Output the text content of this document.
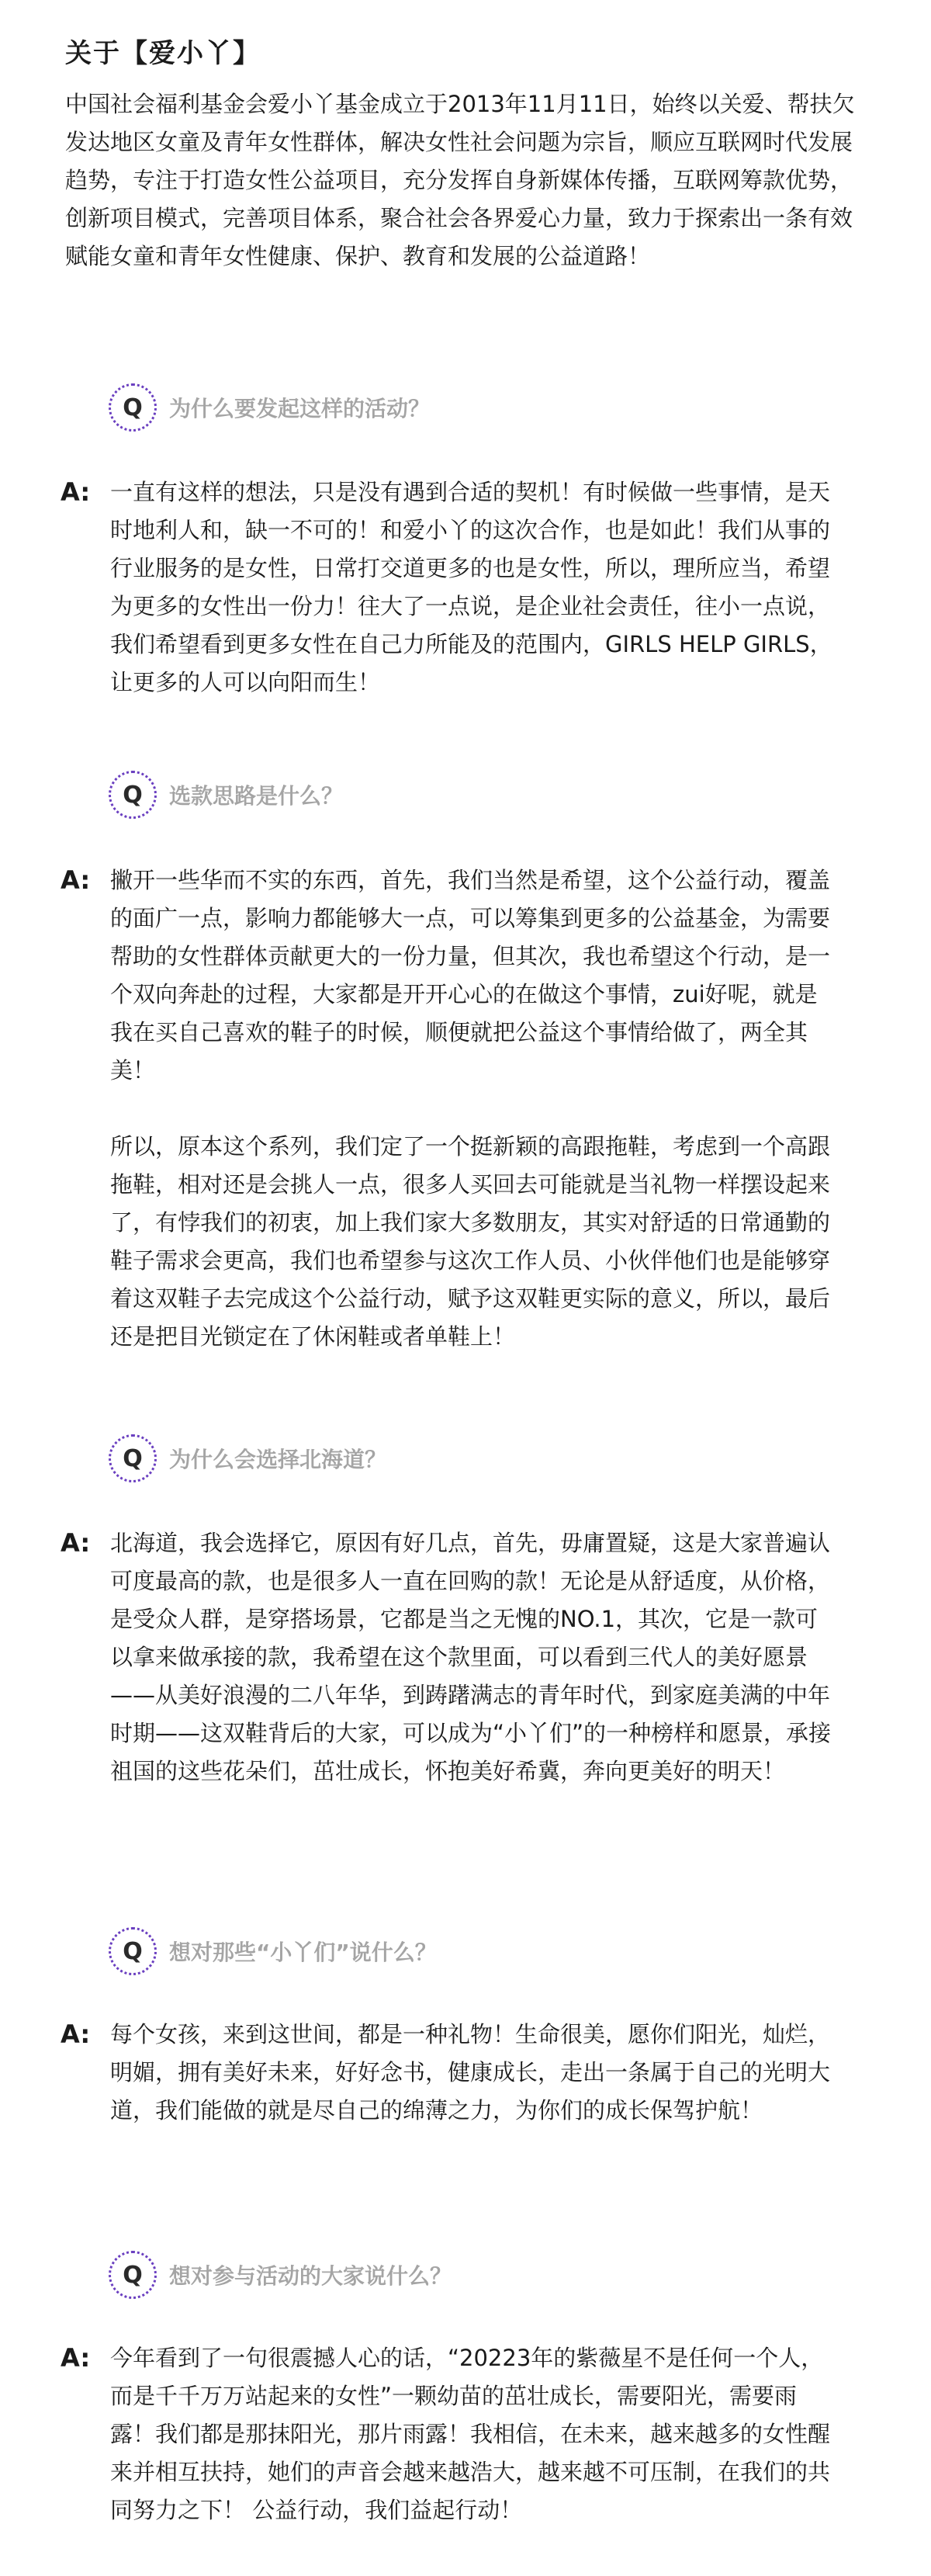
关于【爱小丫】

中国社会福利基金会爱小丫基金成立于2013年11月11日，始终以关爱、帮扶欠发达地区女童及青年女性群体，解决女性社会问题为宗旨，顺应互联网时代发展趋势，专注于打造女性公益项目，充分发挥自身新媒体传播，互联网筹款优势，创新项目模式，完善项目体系，聚合社会各界爱心力量，致力于探索出一条有效赋能女童和青年女性健康、保护、教育和发展的公益道路！

Q	为什么要发起这样的活动？
A: 一直有这样的想法，只是没有遇到合适的契机！有时候做一些事情，是天时地利人和，缺一不可的！和爱小丫的这次合作，也是如此！我们从事的行业服务的是女性，日常打交道更多的也是女性，所以，理所应当，希望为更多的女性出一份力！往大了一点说，是企业社会责任，往小一点说，我们希望看到更多女性在自己力所能及的范围内，GIRLS HELP GIRLS，让更多的人可以向阳而生！

Q	选款思路是什么？
A: 撇开一些华而不实的东西，首先，我们当然是希望，这个公益行动，覆盖的面广一点，影响力都能够大一点，可以筹集到更多的公益基金，为需要帮助的女性群体贡献更大的一份力量，但其次，我也希望这个行动，是一个双向奔赴的过程，大家都是开开心心的在做这个事情，zui好呢，就是我在买自己喜欢的鞋子的时候，顺便就把公益这个事情给做了，两全其美！

所以，原本这个系列，我们定了一个挺新颖的高跟拖鞋，考虑到一个高跟拖鞋，相对还是会挑人一点，很多人买回去可能就是当礼物一样摆设起来了，有悖我们的初衷，加上我们家大多数朋友，其实对舒适的日常通勤的鞋子需求会更高，我们也希望参与这次工作人员、小伙伴他们也是能够穿着这双鞋子去完成这个公益行动，赋予这双鞋更实际的意义，所以，最后还是把目光锁定在了休闲鞋或者单鞋上！

Q	为什么会选择北海道？
A: 北海道，我会选择它，原因有好几点，首先，毋庸置疑，这是大家普遍认可度最高的款，也是很多人一直在回购的款！无论是从舒适度，从价格，是受众人群，是穿搭场景，它都是当之无愧的NO.1，其次，它是一款可以拿来做承接的款，我希望在这个款里面，可以看到三代人的美好愿景——从美好浪漫的二八年华，到踌躇满志的青年时代，到家庭美满的中年时期——这双鞋背后的大家，可以成为“小丫们”的一种榜样和愿景，承接祖国的这些花朵们，茁壮成长，怀抱美好希冀，奔向更美好的明天！

Q	想对那些“小丫们”说什么？
A: 每个女孩，来到这世间，都是一种礼物！生命很美，愿你们阳光，灿烂，明媚，拥有美好未来，好好念书，健康成长，走出一条属于自己的光明大道，我们能做的就是尽自己的绵薄之力，为你们的成长保驾护航！

Q	想对参与活动的大家说什么？
A: 今年看到了一句很震撼人心的话，“20223年的紫薇星不是任何一个人，而是千千万万站起来的女性”一颗幼苗的茁壮成长，需要阳光，需要雨露！我们都是那抹阳光，那片雨露！我相信，在未来，越来越多的女性醒来并相互扶持，她们的声音会越来越浩大，越来越不可压制，在我们的共同努力之下！ 公益行动，我们益起行动！
